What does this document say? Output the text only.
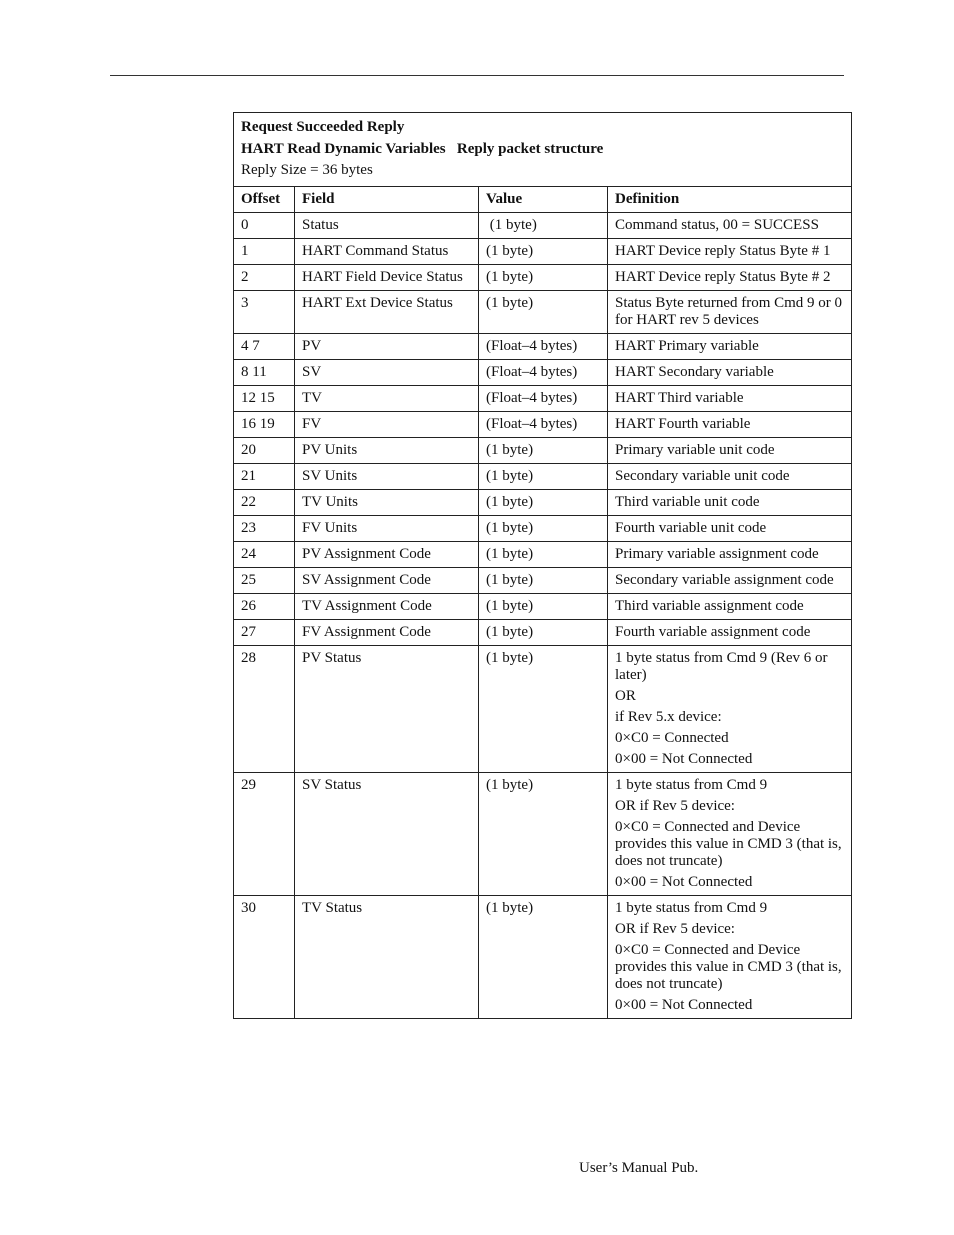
Request Succeeded Reply
HART Read Dynamic Variables   Reply packet structure
Reply Size = 36 bytes			

Offset	Field	Value	Definition
0	Status	(1 byte)	Command status, 00 = SUCCESS

1	HART Command Status	(1 byte)	HART Device reply Status Byte # 1

2	HART Field Device Status	(1 byte)	HART Device reply Status Byte # 2

3	HART Ext Device Status	(1 byte)	Status Byte returned from Cmd 9 or 0 for HART rev 5 devices

4 7	PV	(Float–4 bytes)	HART Primary variable

8 11	SV	(Float–4 bytes)	HART Secondary variable

12 15	TV	(Float–4 bytes)	HART Third variable

16 19	FV	(Float–4 bytes)	HART Fourth variable

20	PV Units	(1 byte)	Primary variable unit code

21	SV Units	(1 byte)	Secondary variable unit code

22	TV Units	(1 byte)	Third variable unit code

23	FV Units	(1 byte)	Fourth variable unit code

24	PV Assignment Code	(1 byte)	Primary variable assignment code

25	SV Assignment Code	(1 byte)	Secondary variable assignment code

26	TV Assignment Code	(1 byte)	Third variable assignment code

27	FV Assignment Code	(1 byte)	Fourth variable assignment code

28	PV Status	(1 byte)	1 byte status from Cmd 9 (Rev 6 or later)
OR
if Rev 5.x device:
0×C0 = Connected
0×00 = Not Connected

29	SV Status	(1 byte)	1 byte status from Cmd 9
OR if Rev 5 device:
0×C0 = Connected and Device provides this value in CMD 3 (that is, does not truncate)
0×00 = Not Connected

30	TV Status	(1 byte)	1 byte status from Cmd 9
OR if Rev 5 device:
0×C0 = Connected and Device provides this value in CMD 3 (that is, does not truncate)
0×00 = Not Connected
User’s Manual Pub.
